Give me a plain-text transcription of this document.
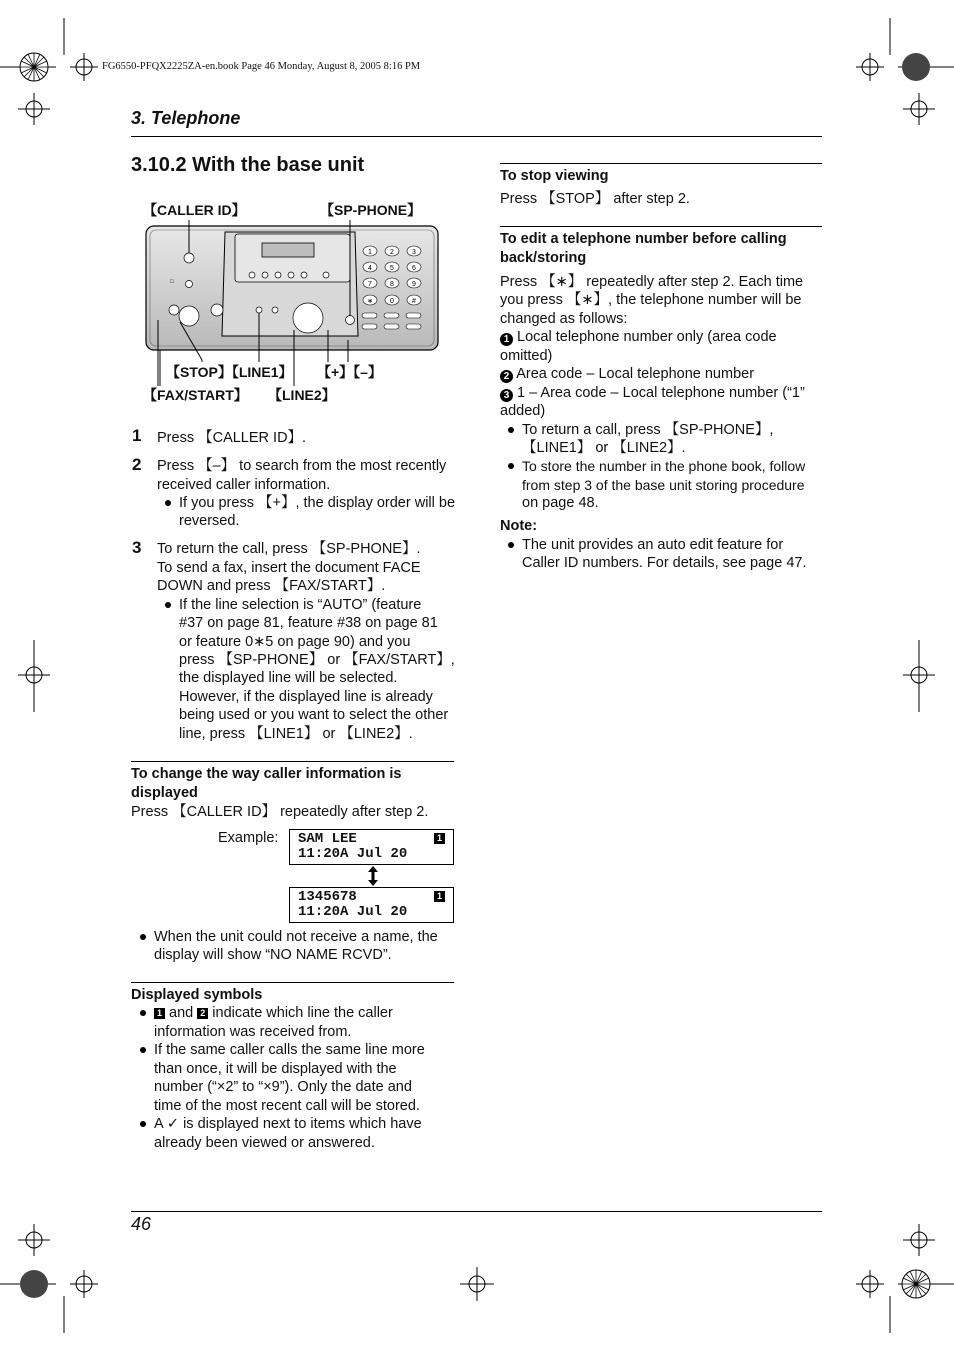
FG6550-PFQX2225ZA-en.book Page 46 Monday, August 8, 2005 8:16 PM
3. Telephone
3.10.2 With the base unit
【CALLER ID】	【SP-PHONE】
【STOP】【LINE1】 【+】【–】
【FAX/START】 【LINE2】
□
1	2	3
4	5	6
7	8	9
∗ 0	#
1 Press 【CALLER ID】.
2 Press 【–】 to search from the most recently
received caller information.
If you press 【+】, the display order will be
reversed.
3 To return the call, press 【SP-PHONE】.
To send a fax, insert the document FACE
DOWN and press 【FAX/START】.
If the line selection is “AUTO” (feature
#37 on page 81, feature #38 on page 81
or feature 0∗5 on page 90) and you
press 【SP-PHONE】 or 【FAX/START】,
the displayed line will be selected.
However, if the displayed line is already
being used or you want to select the other
line, press 【LINE1】 or 【LINE2】.
To change the way caller information is
displayed
Press 【CALLER ID】 repeatedly after step 2.
Example: SAM LEE
11:20A Jul 20
1
1345678
11:20A Jul 20
1
When the unit could not receive a name, the
display will show “NO NAME RCVD”.
Displayed symbols
1 and 2 indicate which line the caller
information was received from.
If the same caller calls the same line more
than once, it will be displayed with the
number (“×2” to “×9”). Only the date and
time of the most recent call will be stored.
A ✓ is displayed next to items which have
already been viewed or answered.
To stop viewing
Press 【STOP】 after step 2.
To edit a telephone number before calling
back/storing
Press 【∗】 repeatedly after step 2. Each time
you press 【∗】, the telephone number will be
changed as follows:
1 Local telephone number only (area code
omitted)
2 Area code – Local telephone number
3 1 – Area code – Local telephone number (“1”
added)
To return a call, press 【SP-PHONE】,
【LINE1】 or 【LINE2】.
To store the number in the phone book, follow
from step 3 of the base unit storing procedure
on page 48.
Note:
The unit provides an auto edit feature for
Caller ID numbers. For details, see page 47.
46
